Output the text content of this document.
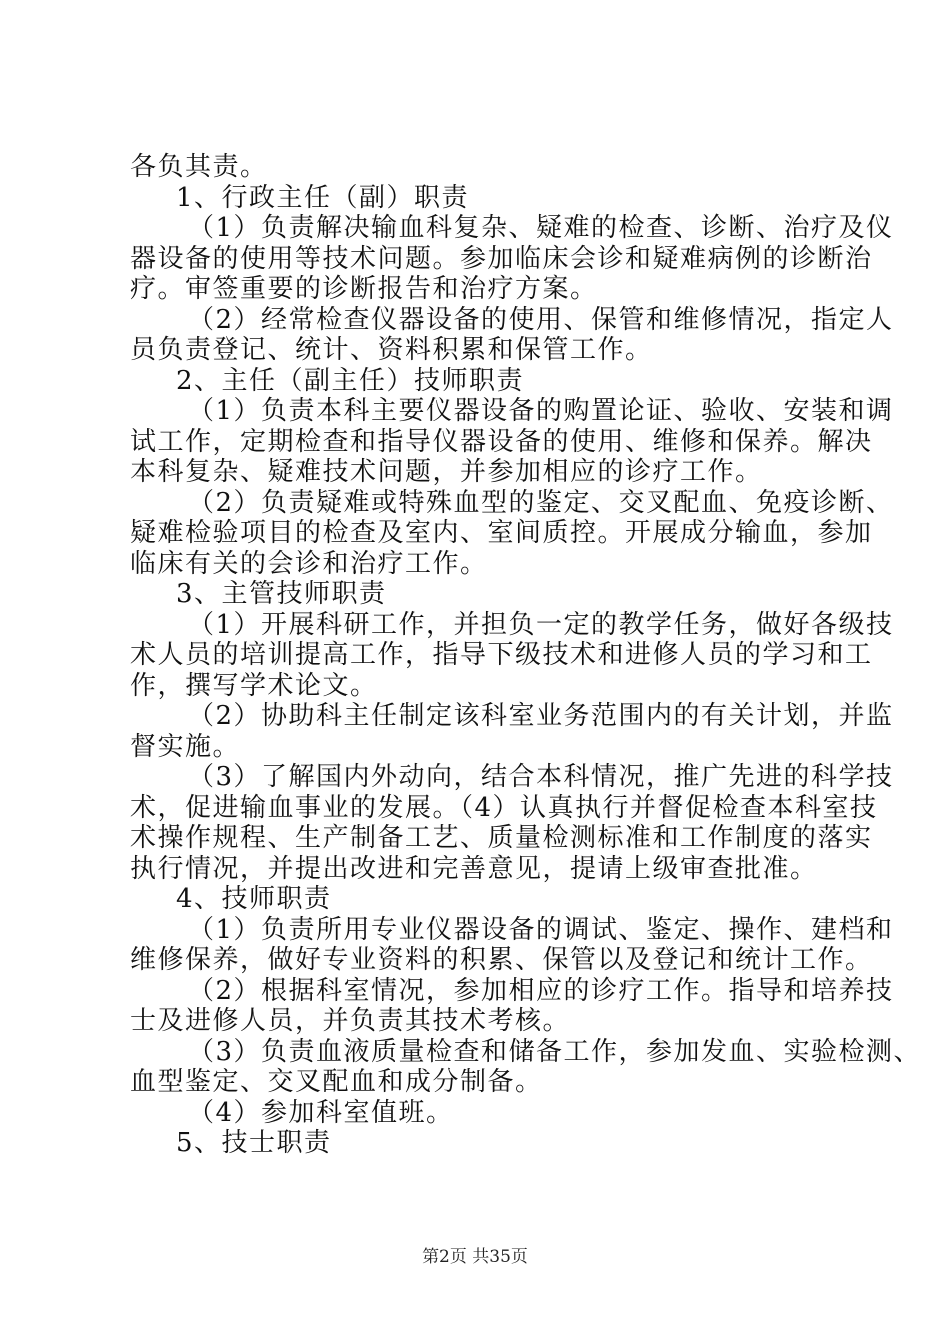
各负其责。
1、行政主任（副）职责
（1）负责解决输血科复杂、疑难的检查、诊断、治疗及仪
器设备的使用等技术问题。参加临床会诊和疑难病例的诊断治
疗。审签重要的诊断报告和治疗方案。
（2）经常检查仪器设备的使用、保管和维修情况，指定人
员负责登记、统计、资料积累和保管工作。
2、主任（副主任）技师职责
（1）负责本科主要仪器设备的购置论证、验收、安装和调
试工作，定期检查和指导仪器设备的使用、维修和保养。解决
本科复杂、疑难技术问题，并参加相应的诊疗工作。
（2）负责疑难或特殊血型的鉴定、交叉配血、免疫诊断、
疑难检验项目的检查及室内、室间质控。开展成分输血，参加
临床有关的会诊和治疗工作。
3、主管技师职责
（1）开展科研工作，并担负一定的教学任务，做好各级技
术人员的培训提高工作，指导下级技术和进修人员的学习和工
作，撰写学术论文。
（2）协助科主任制定该科室业务范围内的有关计划，并监
督实施。
（3）了解国内外动向，结合本科情况，推广先进的科学技
术，促进输血事业的发展。（4）认真执行并督促检查本科室技
术操作规程、生产制备工艺、质量检测标准和工作制度的落实
执行情况，并提出改进和完善意见，提请上级审查批准。
4、技师职责
（1）负责所用专业仪器设备的调试、鉴定、操作、建档和
维修保养，做好专业资料的积累、保管以及登记和统计工作。
（2）根据科室情况，参加相应的诊疗工作。指导和培养技
士及进修人员，并负责其技术考核。
（3）负责血液质量检查和储备工作，参加发血、实验检测、
血型鉴定、交叉配血和成分制备。
（4）参加科室值班。
5、技士职责
第2页 共35页
